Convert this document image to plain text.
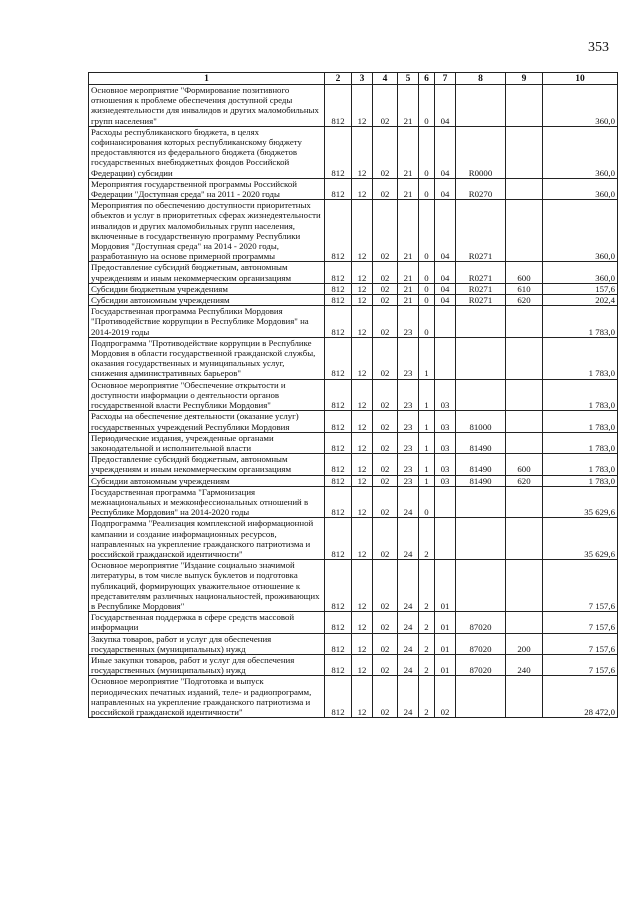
353
1	2	3	4	5	6	7	8	9	10
Основное мероприятие "Формирование позитивного отношения к проблеме обеспечения доступной среды жизнедеятельности для инвалидов и других маломобильных групп населения"	812	12	02	21	0	04			360,0
Расходы республиканского бюджета, в целях софинансирования которых республиканскому бюджету предоставляются из федерального бюджета (бюджетов государственных внебюджетных фондов Российской Федерации) субсидии	812	12	02	21	0	04	R0000		360,0
Мероприятия государственной программы Российской Федерации "Доступная среда" на 2011 - 2020 годы	812	12	02	21	0	04	R0270		360,0
Мероприятия по обеспечению доступности приоритетных объектов и услуг в приоритетных сферах жизнедеятельности инвалидов и других маломобильных групп населения, включенные в государственную программу Республики Мордовия "Доступная среда" на 2014 - 2020 годы, разработанную на основе примерной программы	812	12	02	21	0	04	R0271		360,0
Предоставление субсидий бюджетным, автономным учреждениям и иным некоммерческим организациям	812	12	02	21	0	04	R0271	600	360,0
Субсидии бюджетным учреждениям	812	12	02	21	0	04	R0271	610	157,6
Субсидии автономным учреждениям	812	12	02	21	0	04	R0271	620	202,4
Государственная программа Республики Мордовия "Противодействие коррупции в Республике Мордовия" на 2014-2019 годы	812	12	02	23	0				1 783,0
Подпрограмма "Противодействие коррупции в Республике Мордовия в области государственной гражданской службы, оказания государственных и муниципальных услуг, снижения административных барьеров"	812	12	02	23	1				1 783,0
Основное мероприятие "Обеспечение открытости и доступности информации о деятельности органов государственной власти Республики Мордовия"	812	12	02	23	1	03			1 783,0
Расходы на обеспечение деятельности (оказание услуг) государственных учреждений Республики Мордовия	812	12	02	23	1	03	81000		1 783,0
Периодические издания, учрежденные органами законодательной и исполнительной власти	812	12	02	23	1	03	81490		1 783,0
Предоставление субсидий бюджетным, автономным учреждениям и иным некоммерческим организациям	812	12	02	23	1	03	81490	600	1 783,0
Субсидии автономным учреждениям	812	12	02	23	1	03	81490	620	1 783,0
Государственная программа "Гармонизация межнациональных и межконфессиональных отношений в Республике Мордовия" на 2014-2020 годы	812	12	02	24	0				35 629,6
Подпрограмма "Реализация комплексной информационной кампании и создание информационных ресурсов, направленных на укрепление гражданского патриотизма и российской гражданской идентичности"	812	12	02	24	2				35 629,6
Основное мероприятие "Издание социально значимой литературы, в том числе выпуск буклетов и подготовка публикаций, формирующих уважительное отношение к представителям различных национальностей, проживающих в Республике Мордовия"	812	12	02	24	2	01			7 157,6
Государственная поддержка в сфере средств массовой информации	812	12	02	24	2	01	87020		7 157,6
Закупка товаров, работ и услуг для обеспечения государственных (муниципальных) нужд	812	12	02	24	2	01	87020	200	7 157,6
Иные закупки товаров, работ и услуг для обеспечения государственных (муниципальных) нужд	812	12	02	24	2	01	87020	240	7 157,6
Основное мероприятие "Подготовка и выпуск периодических печатных изданий, теле- и радиопрограмм, направленных на укрепление гражданского патриотизма и российской гражданской идентичности"	812	12	02	24	2	02			28 472,0
